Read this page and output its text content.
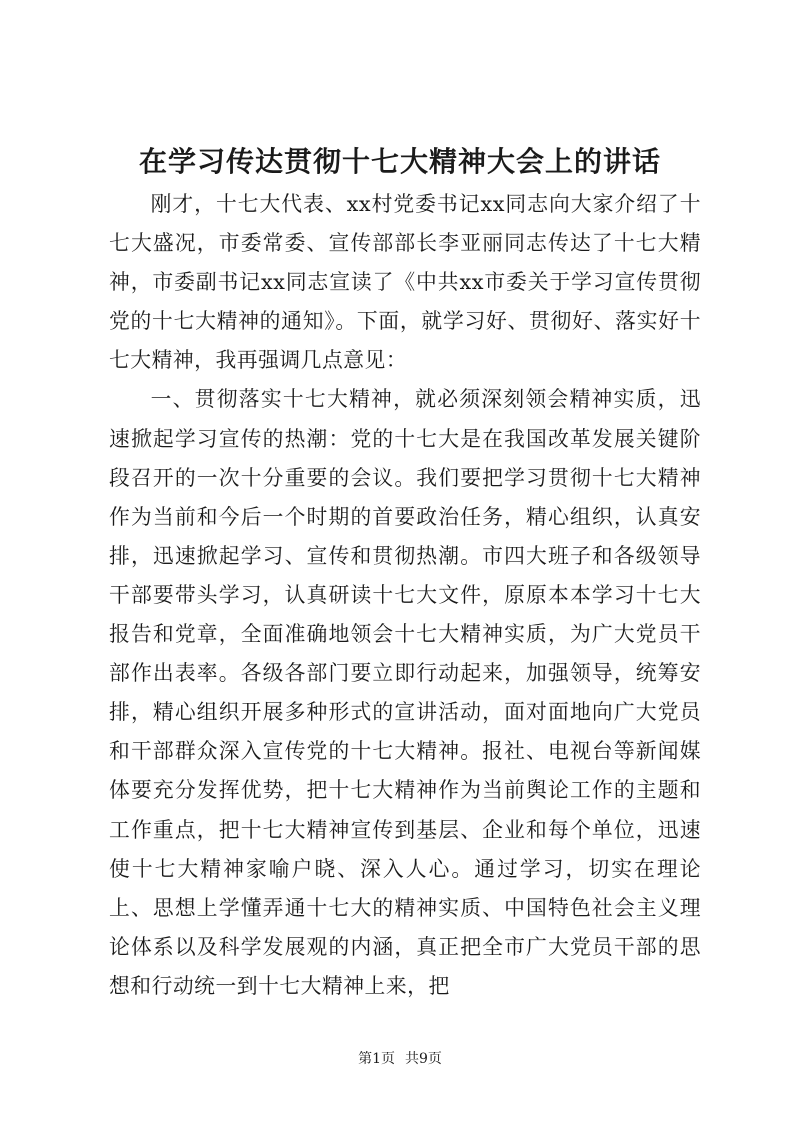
在学习传达贯彻十七大精神大会上的讲话

刚才，十七大代表、xx村党委书记xx同志向大家介绍了十七大盛况，市委常委、宣传部部长李亚丽同志传达了十七大精神，市委副书记xx同志宣读了《中共xx市委关于学习宣传贯彻党的十七大精神的通知》。下面，就学习好、贯彻好、落实好十七大精神，我再强调几点意见：

一、贯彻落实十七大精神，就必须深刻领会精神实质，迅速掀起学习宣传的热潮：党的十七大是在我国改革发展关键阶段召开的一次十分重要的会议。我们要把学习贯彻十七大精神作为当前和今后一个时期的首要政治任务，精心组织，认真安排，迅速掀起学习、宣传和贯彻热潮。市四大班子和各级领导干部要带头学习，认真研读十七大文件，原原本本学习十七大报告和党章，全面准确地领会十七大精神实质，为广大党员干部作出表率。各级各部门要立即行动起来，加强领导，统筹安排，精心组织开展多种形式的宣讲活动，面对面地向广大党员和干部群众深入宣传党的十七大精神。报社、电视台等新闻媒体要充分发挥优势，把十七大精神作为当前舆论工作的主题和工作重点，把十七大精神宣传到基层、企业和每个单位，迅速使十七大精神家喻户晓、深入人心。通过学习，切实在理论上、思想上学懂弄通十七大的精神实质、中国特色社会主义理论体系以及科学发展观的内涵，真正把全市广大党员干部的思想和行动统一到十七大精神上来，把

第1页 共9页
